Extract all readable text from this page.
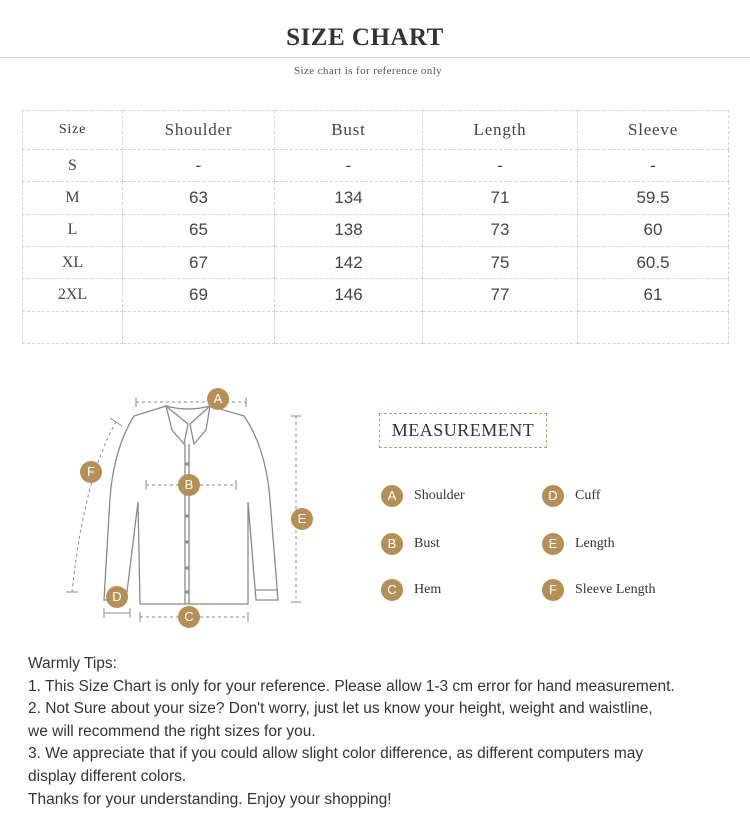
SIZE CHART
Size chart is for reference only
Size	Shoulder	Bust	Length	Sleeve
S	-	-	-	-
M	63	134	71	59.5
L	65	138	73	60
XL	67	142	75	60.5
2XL	69	146	77	61

A
B
C
D
E
F
MEASUREMENT
A	Shoulder
B	Bust
C	Hem
D	Cuff
E	Length
F	Sleeve Length
Warmly Tips:
1. This Size Chart is only for your reference. Please allow 1-3 cm error for hand measurement.
2. Not Sure about your size? Don't worry, just let us know your height, weight and waistline,
we will recommend the right sizes for you.
3. We appreciate that if you could allow slight color difference, as different computers may
display different colors.
Thanks for your understanding. Enjoy your shopping!
